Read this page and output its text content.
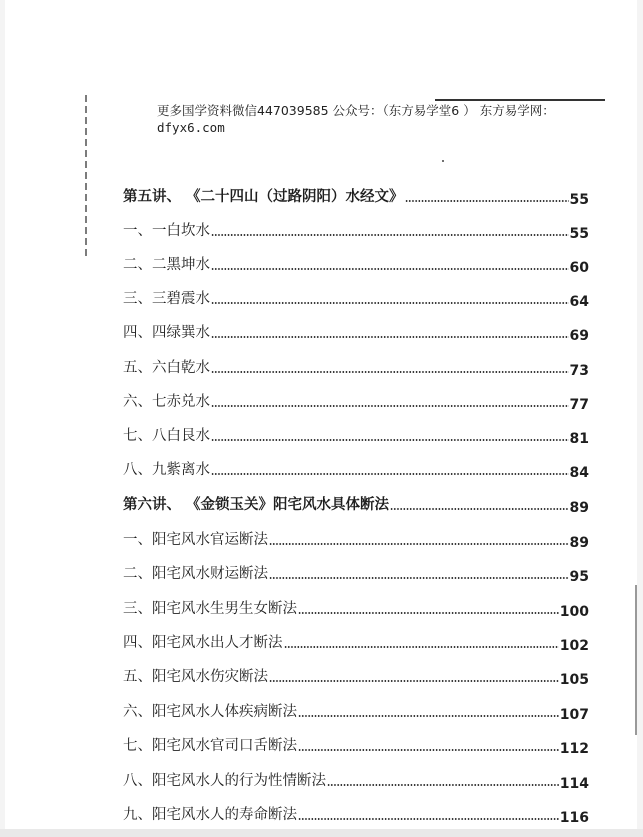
更多国学资料微信447039585 公众号：（东方易学堂6 ） 东方易学网：
dfyx6.com
第五讲、 《二十四山（过路阴阳）水经文》	55
一、一白坎水	55
二、二黑坤水	60
三、三碧震水	64
四、四绿巽水	69
五、六白乾水	73
六、七赤兑水	77
七、八白艮水	81
八、九紫离水	84
第六讲、 《金锁玉关》阳宅风水具体断法	89
一、阳宅风水官运断法	89
二、阳宅风水财运断法	95
三、阳宅风水生男生女断法	100
四、阳宅风水出人才断法	102
五、阳宅风水伤灾断法	105
六、阳宅风水人体疾病断法	107
七、阳宅风水官司口舌断法	112
八、阳宅风水人的行为性情断法	114
九、阳宅风水人的寿命断法	116
